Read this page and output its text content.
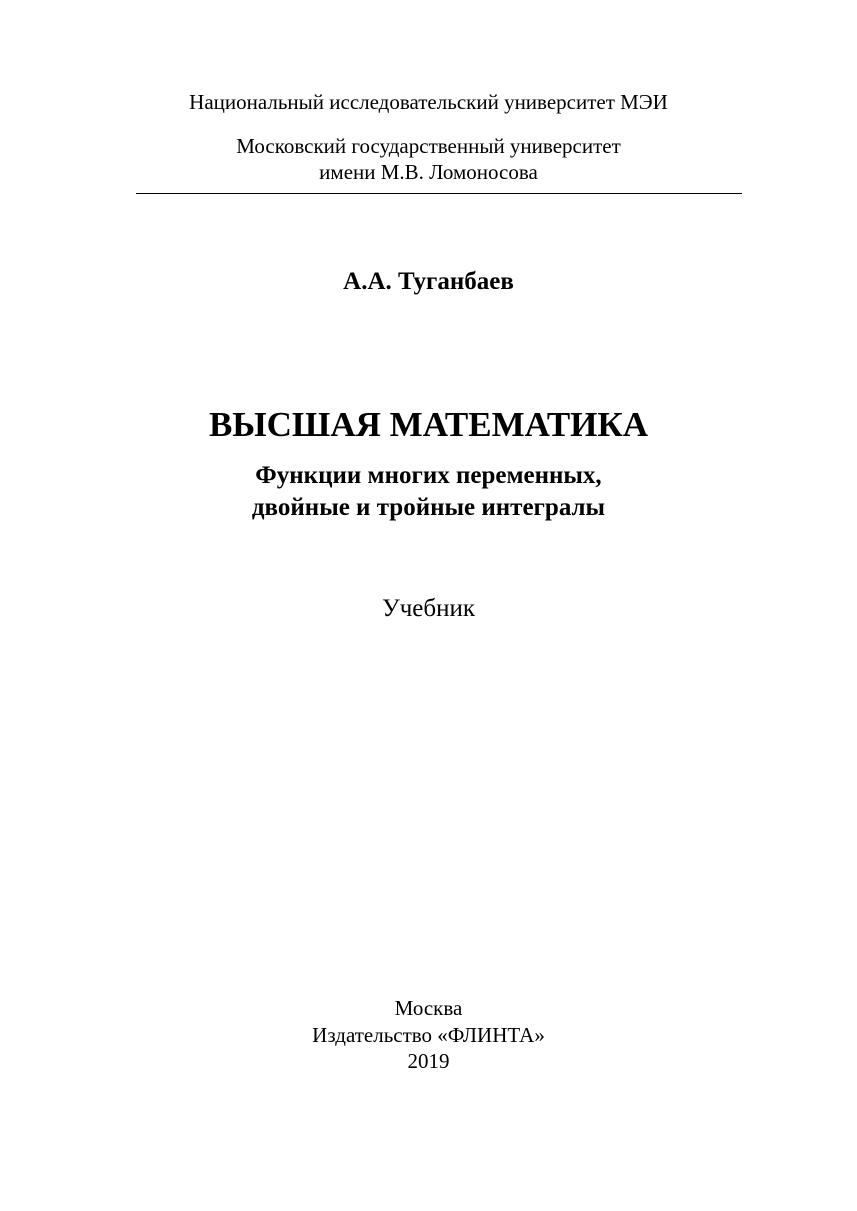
Национальный исследовательский университет МЭИ
Московский государственный университет
имени М.В. Ломоносова
А.А. Туганбаев
ВЫСШАЯ МАТЕМАТИКА
Функции многих переменных,
двойные и тройные интегралы
Учебник
Москва
Издательство «ФЛИНТА»
2019
